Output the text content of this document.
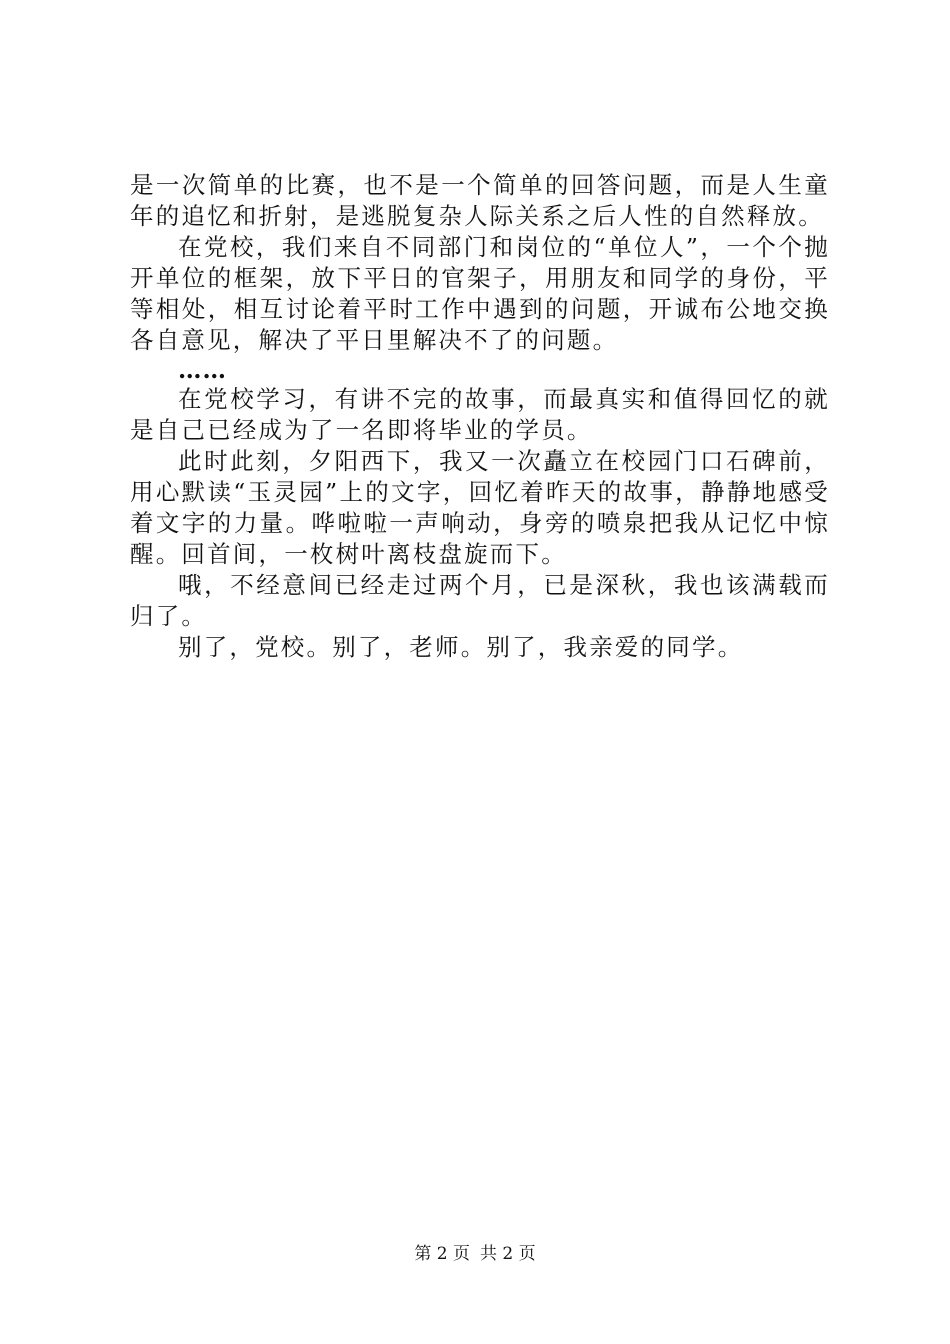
是一次简单的比赛，也不是一个简单的回答问题，而是人生童年的追忆和折射，是逃脱复杂人际关系之后人性的自然释放。

在党校，我们来自不同部门和岗位的“单位人”，一个个抛开单位的框架，放下平日的官架子，用朋友和同学的身份，平等相处，相互讨论着平时工作中遇到的问题，开诚布公地交换各自意见，解决了平日里解决不了的问题。

……

在党校学习，有讲不完的故事，而最真实和值得回忆的就是自己已经成为了一名即将毕业的学员。

此时此刻，夕阳西下，我又一次矗立在校园门口石碑前，用心默读“玉灵园”上的文字，回忆着昨天的故事，静静地感受着文字的力量。哗啦啦一声响动，身旁的喷泉把我从记忆中惊醒。回首间，一枚树叶离枝盘旋而下。

哦，不经意间已经走过两个月，已是深秋，我也该满载而归了。

别了，党校。别了，老师。别了，我亲爱的同学。

第 2 页 共 2 页
